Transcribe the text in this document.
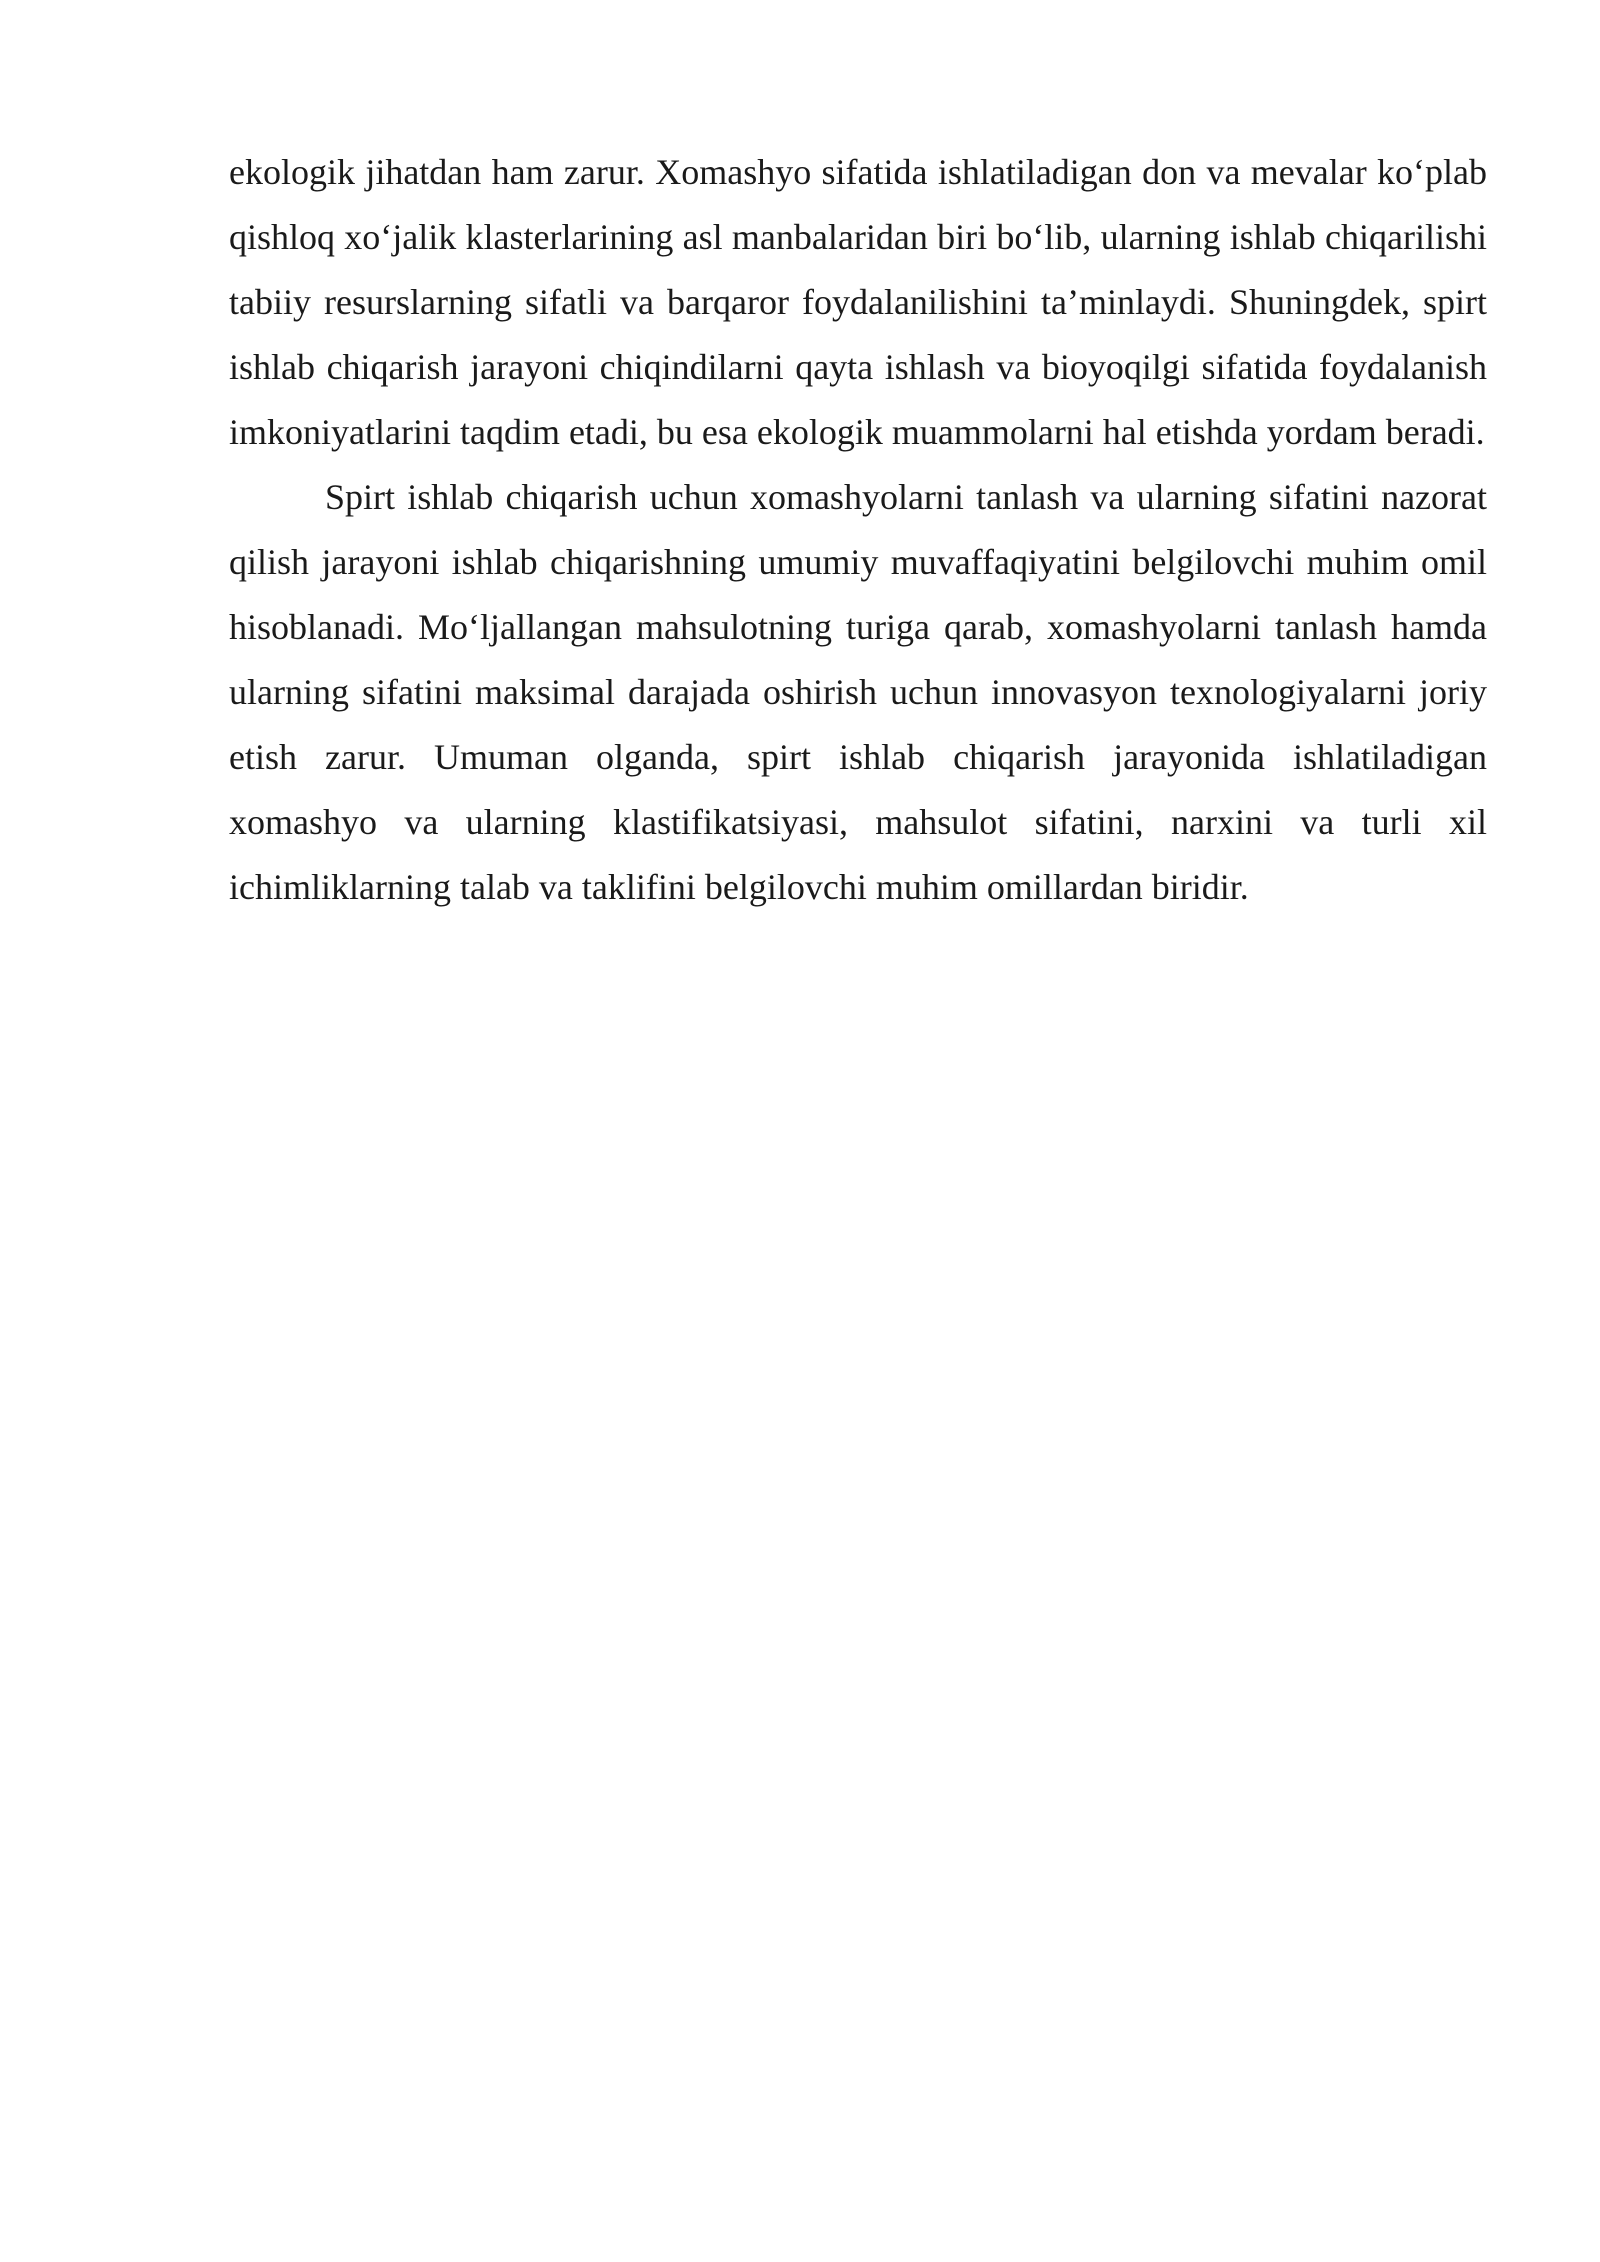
ekologik jihatdan ham zarur. Xomashyo sifatida ishlatiladigan don va mevalar ko‘plab qishloq xo‘jalik klasterlarining asl manbalaridan biri bo‘lib, ularning ishlab chiqarilishi tabiiy resurslarning sifatli va barqaror foydalanilishini ta’minlaydi. Shuningdek, spirt ishlab chiqarish jarayoni chiqindilarni qayta ishlash va bioyoqilgi sifatida foydalanish imkoniyatlarini taqdim etadi, bu esa ekologik muammolarni hal etishda yordam beradi.

Spirt ishlab chiqarish uchun xomashyolarni tanlash va ularning sifatini nazorat qilish jarayoni ishlab chiqarishning umumiy muvaffaqiyatini belgilovchi muhim omil hisoblanadi. Mo‘ljallangan mahsulotning turiga qarab, xomashyolarni tanlash hamda ularning sifatini maksimal darajada oshirish uchun innovasyon texnologiyalarni joriy etish zarur. Umuman olganda, spirt ishlab chiqarish jarayonida ishlatiladigan xomashyo va ularning klastifikatsiyasi, mahsulot sifatini, narxini va turli xil ichimliklarning talab va taklifini belgilovchi muhim omillardan biridir.
